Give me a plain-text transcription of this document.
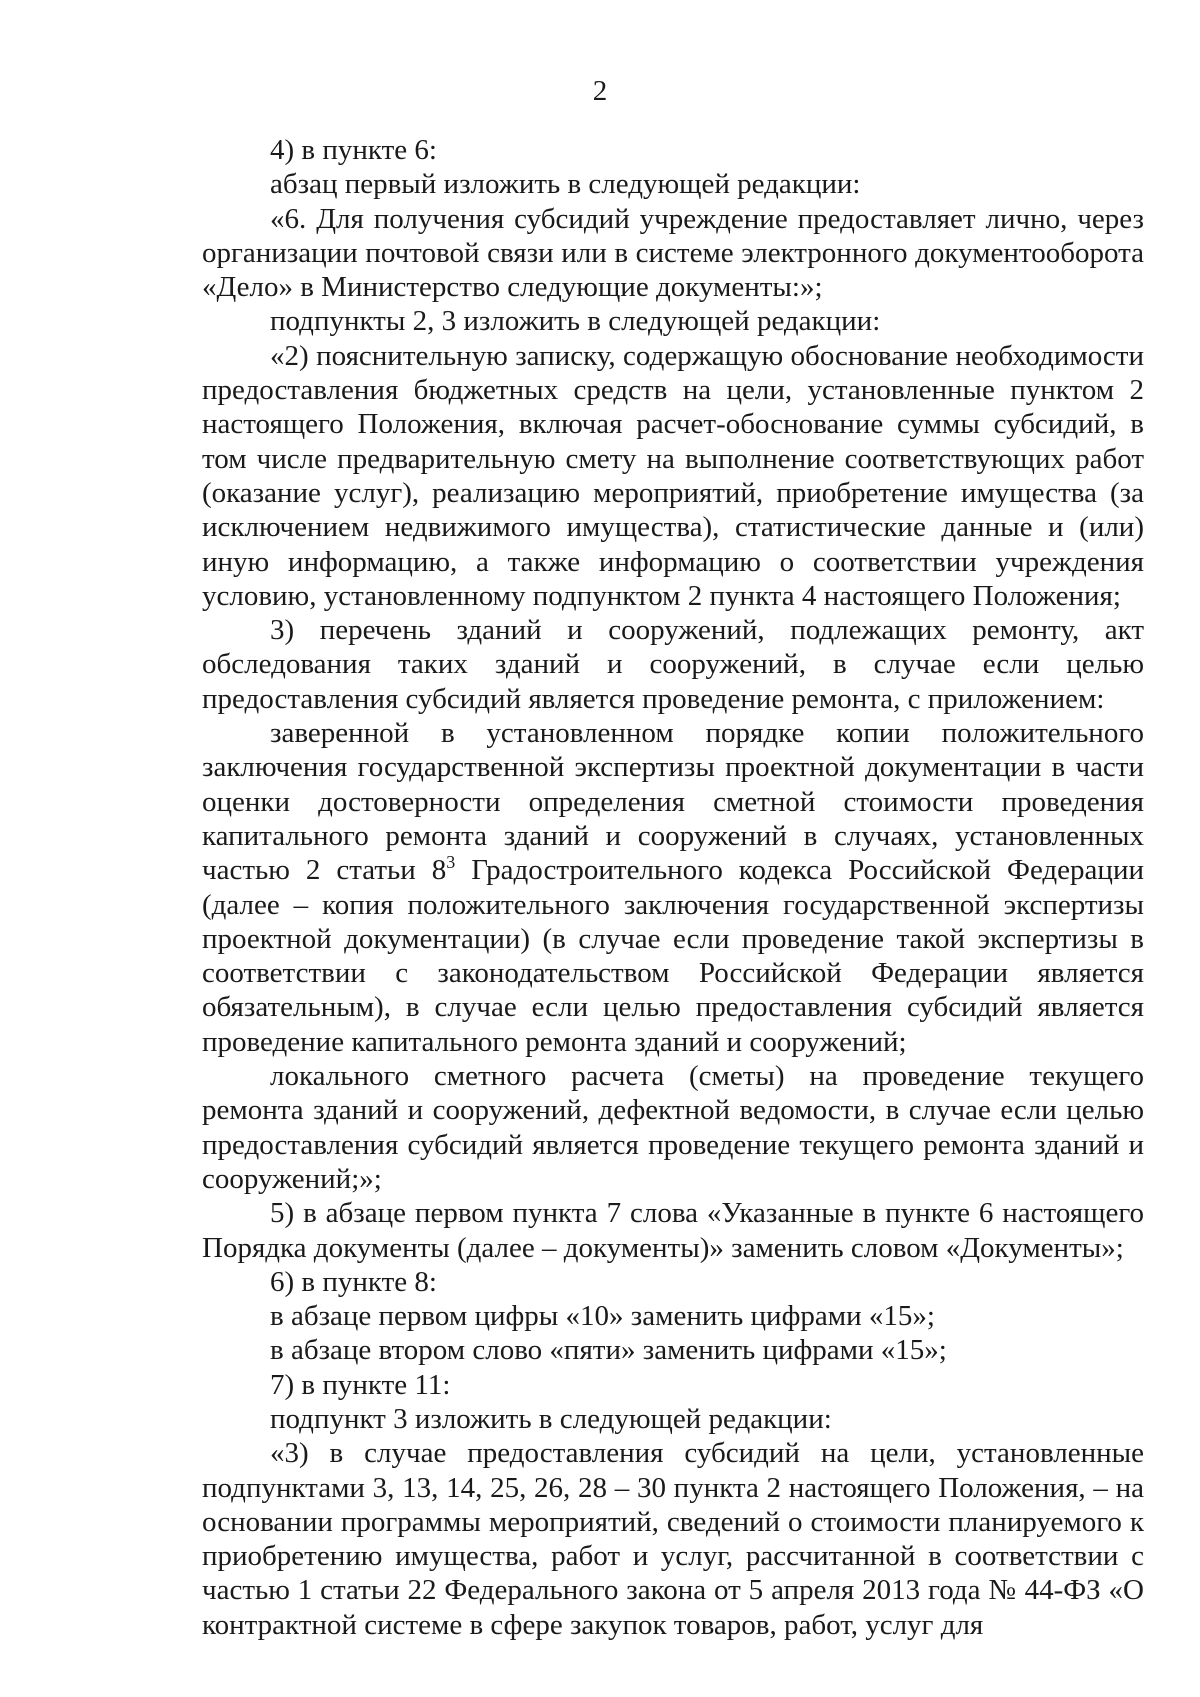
2

4) в пункте 6:

абзац первый изложить в следующей редакции:

«6. Для получения субсидий учреждение предоставляет лично, через организации почтовой связи или в системе электронного документооборота «Дело» в Министерство следующие документы:»;

подпункты 2, 3 изложить в следующей редакции:

«2) пояснительную записку, содержащую обоснование необходимости предоставления бюджетных средств на цели, установленные пунктом 2 настоящего Положения, включая расчет-обоснование суммы субсидий, в том числе предварительную смету на выполнение соответствующих работ (оказание услуг), реализацию мероприятий, приобретение имущества (за исключением недвижимого имущества), статистические данные и (или) иную информацию, а также информацию о соответствии учреждения условию, установленному подпунктом 2 пункта 4 настоящего Положения;

3) перечень зданий и сооружений, подлежащих ремонту, акт обследования таких зданий и сооружений, в случае если целью предоставления субсидий является проведение ремонта, с приложением:

заверенной в установленном порядке копии положительного заключения государственной экспертизы проектной документации в части оценки достоверности определения сметной стоимости проведения капитального ремонта зданий и сооружений в случаях, установленных частью 2 статьи $8^3$ Градостроительного кодекса Российской Федерации (далее – копия положительного заключения государственной экспертизы проектной документации) (в случае если проведение такой экспертизы в соответствии с законодательством Российской Федерации является обязательным), в случае если целью предоставления субсидий является проведение капитального ремонта зданий и сооружений;

локального сметного расчета (сметы) на проведение текущего ремонта зданий и сооружений, дефектной ведомости, в случае если целью предоставления субсидий является проведение текущего ремонта зданий и сооружений;»;

5) в абзаце первом пункта 7 слова «Указанные в пункте 6 настоящего Порядка документы (далее – документы)» заменить словом «Документы»;

6) в пункте 8:

в абзаце первом цифры «10» заменить цифрами «15»;

в абзаце втором слово «пяти» заменить цифрами «15»;

7) в пункте 11:

подпункт 3 изложить в следующей редакции:

«3) в случае предоставления субсидий на цели, установленные подпунктами 3, 13, 14, 25, 26, 28 – 30 пункта 2 настоящего Положения, – на основании программы мероприятий, сведений о стоимости планируемого к приобретению имущества, работ и услуг, рассчитанной в соответствии с частью 1 статьи 22 Федерального закона от 5 апреля 2013 года № 44-ФЗ «О контрактной системе в сфере закупок товаров, работ, услуг для
